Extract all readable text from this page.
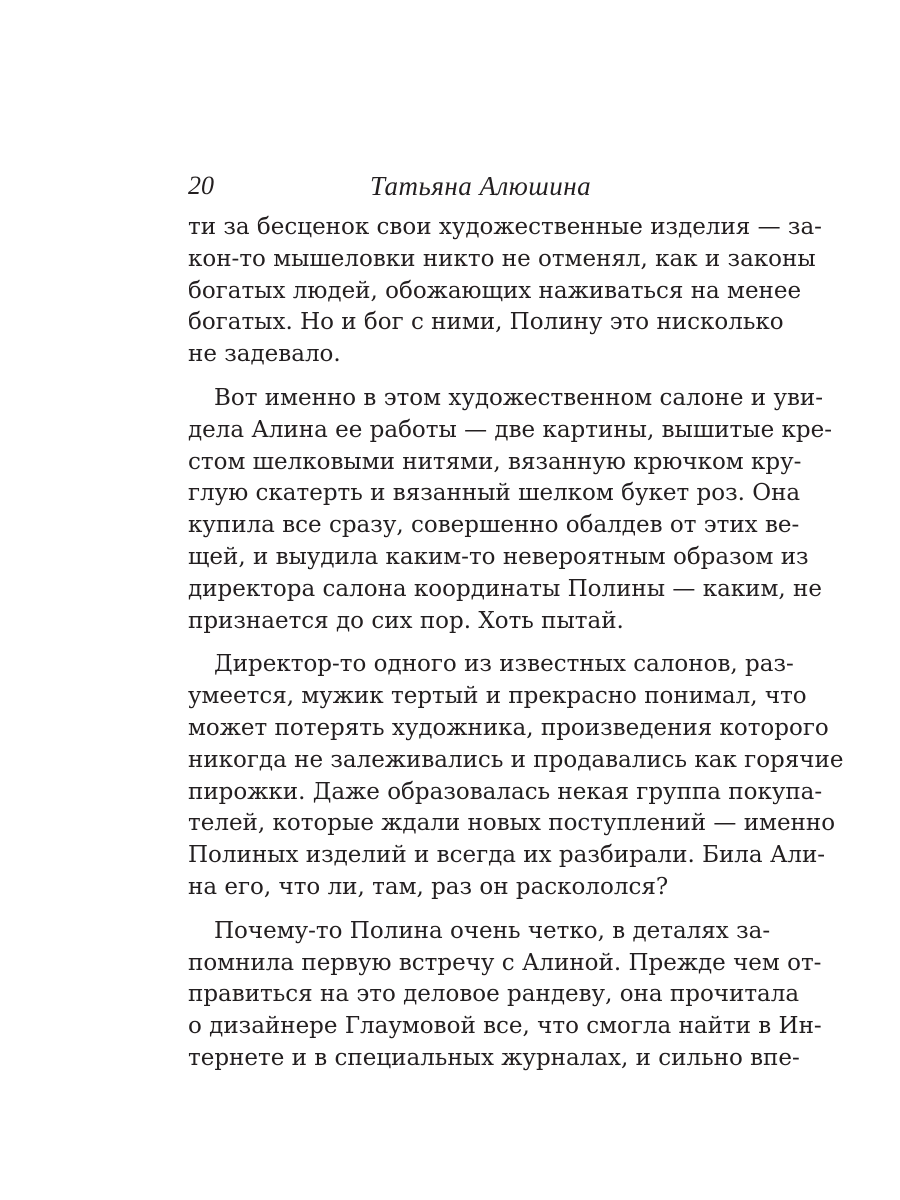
20	Татьяна Алюшина
ти за бесценок свои художественные изделия — за-
кон-то мышеловки никто не отменял, как и законы
богатых людей, обожающих наживаться на менее
богатых. Но и бог с ними, Полину это нисколько
не задевало.
Вот именно в этом художественном салоне и уви-
дела Алина ее работы — две картины, вышитые кре-
стом шелковыми нитями, вязанную крючком кру-
глую скатерть и вязанный шелком букет роз. Она
купила все сразу, совершенно обалдев от этих ве-
щей, и выудила каким-то невероятным образом из
директора салона координаты Полины — каким, не
признается до сих пор. Хоть пытай.
Директор-то одного из известных салонов, раз-
умеется, мужик тертый и прекрасно понимал, что
может потерять художника, произведения которого
никогда не залеживались и продавались как горячие
пирожки. Даже образовалась некая группа покупа-
телей, которые ждали новых поступлений — именно
Полиных изделий и всегда их разбирали. Била Али-
на его, что ли, там, раз он раскололся?
Почему-то Полина очень четко, в деталях за-
помнила первую встречу с Алиной. Прежде чем от-
правиться на это деловое рандеву, она прочитала
о дизайнере Глаумовой все, что смогла найти в Ин-
тернете и в специальных журналах, и сильно впе-
